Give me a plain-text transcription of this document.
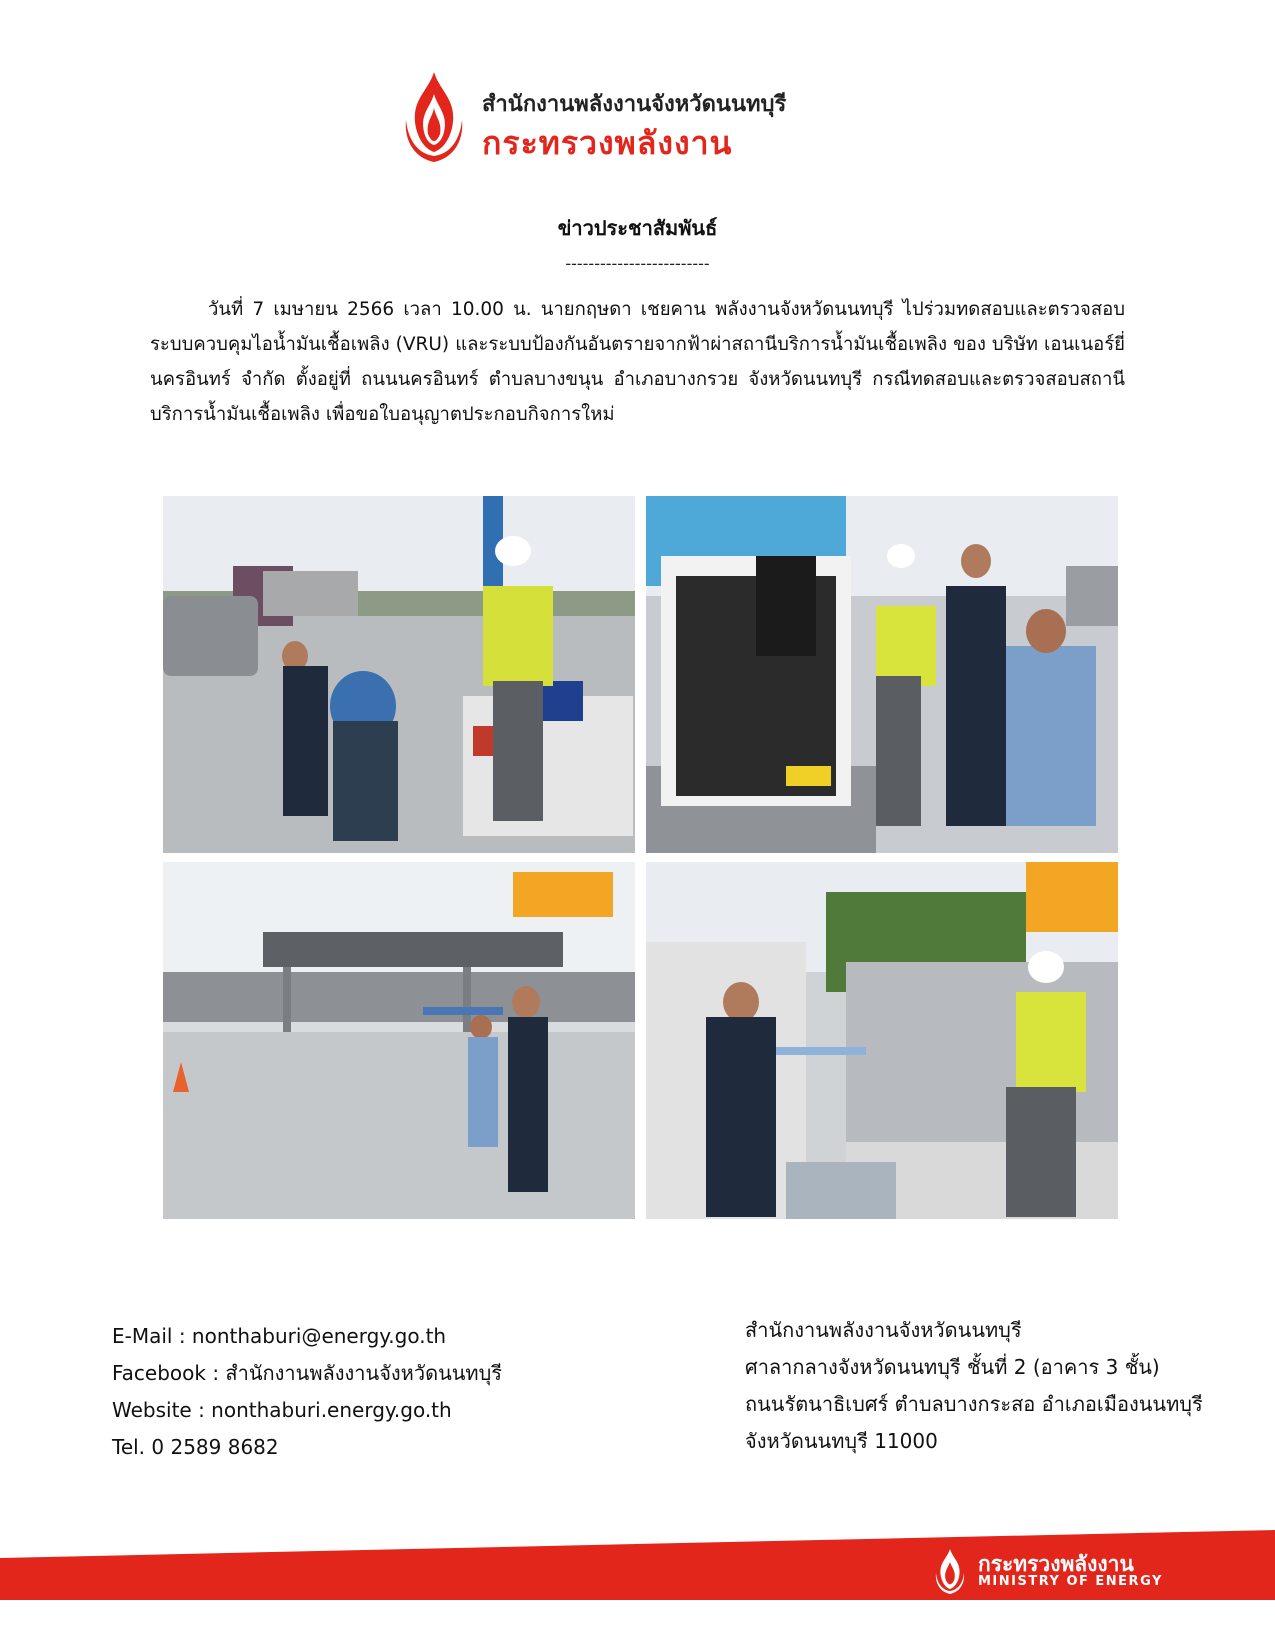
สำนักงานพลังงานจังหวัดนนทบุรี
กระทรวงพลังงาน
ข่าวประชาสัมพันธ์
-------------------------
วันที่ 7 เมษายน 2566 เวลา 10.00 น. นายกฤษดา เชยคาน พลังงานจังหวัดนนทบุรี ไปร่วมทดสอบและตรวจสอบระบบควบคุมไอน้ำมันเชื้อเพลิง (VRU) และระบบป้องกันอันตรายจากฟ้าผ่าสถานีบริการน้ำมันเชื้อเพลิง ของ บริษัท เอนเนอร์ยี่ นครอินทร์ จำกัด ตั้งอยู่ที่ ถนนนครอินทร์ ตำบลบางขนุน อำเภอบางกรวย จังหวัดนนทบุรี กรณีทดสอบและตรวจสอบสถานีบริการน้ำมันเชื้อเพลิง เพื่อขอใบอนุญาตประกอบกิจการใหม่
E-Mail : nonthaburi@energy.go.th
Facebook : สำนักงานพลังงานจังหวัดนนทบุรี
Website : nonthaburi.energy.go.th
Tel. 0 2589 8682
สำนักงานพลังงานจังหวัดนนทบุรี
ศาลากลางจังหวัดนนทบุรี ชั้นที่ 2 (อาคาร 3 ชั้น)
ถนนรัตนาธิเบศร์ ตำบลบางกระสอ อำเภอเมืองนนทบุรี
จังหวัดนนทบุรี 11000
กระทรวงพลังงาน
MINISTRY OF ENERGY
